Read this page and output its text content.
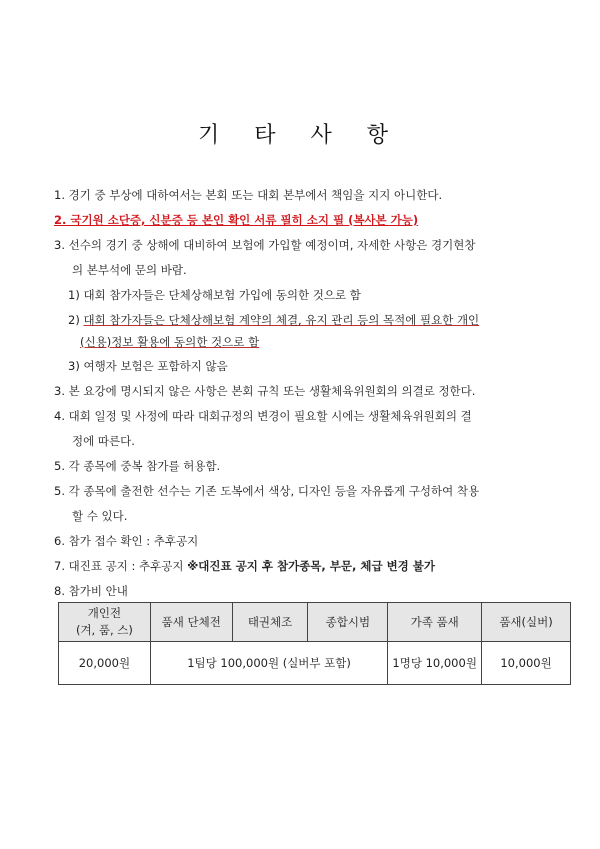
기 타 사 항
1. 경기 중 부상에 대하여서는 본회 또는 대회 본부에서 책임을 지지 아니한다.
2. 국기원 소단증, 신분증 등 본인 확인 서류 필히 소지 필 (복사본 가능)
3. 선수의 경기 중 상해에 대비하여 보험에 가입할 예정이며, 자세한 사항은 경기현창
의 본부석에 문의 바람.
1) 대회 참가자들은 단체상해보험 가입에 동의한 것으로 함
2) 대회 참가자들은 단체상해보험 계약의 체결, 유지 관리 등의 목적에 필요한 개인
(신용)정보 활용에 동의한 것으로 함
3) 여행자 보험은 포함하지 않음
3. 본 요강에 명시되지 않은 사항은 본회 규칙 또는 생활체육위원회의 의결로 정한다.
4. 대회 일정 및 사정에 따라 대회규정의 변경이 필요할 시에는 생활체육위원회의 결
정에 따른다.
5. 각 종목에 중복 참가를 허용함.
5. 각 종목에 출전한 선수는 기존 도복에서 색상, 디자인 등을 자유롭게 구성하여 착용
할 수 있다.
6. 참가 접수 확인 : 추후공지
7. 대진표 공지 : 추후공지 ※대진표 공지 후 참가종목, 부문, 체급 변경 불가
8. 참가비 안내
개인전
(겨, 품, 스)	품새 단체전	태권체조	종합시범	가족 품새	품새(실버)
20,000원	1팀당 100,000원 (실버부 포함)			1명당 10,000원	10,000원
